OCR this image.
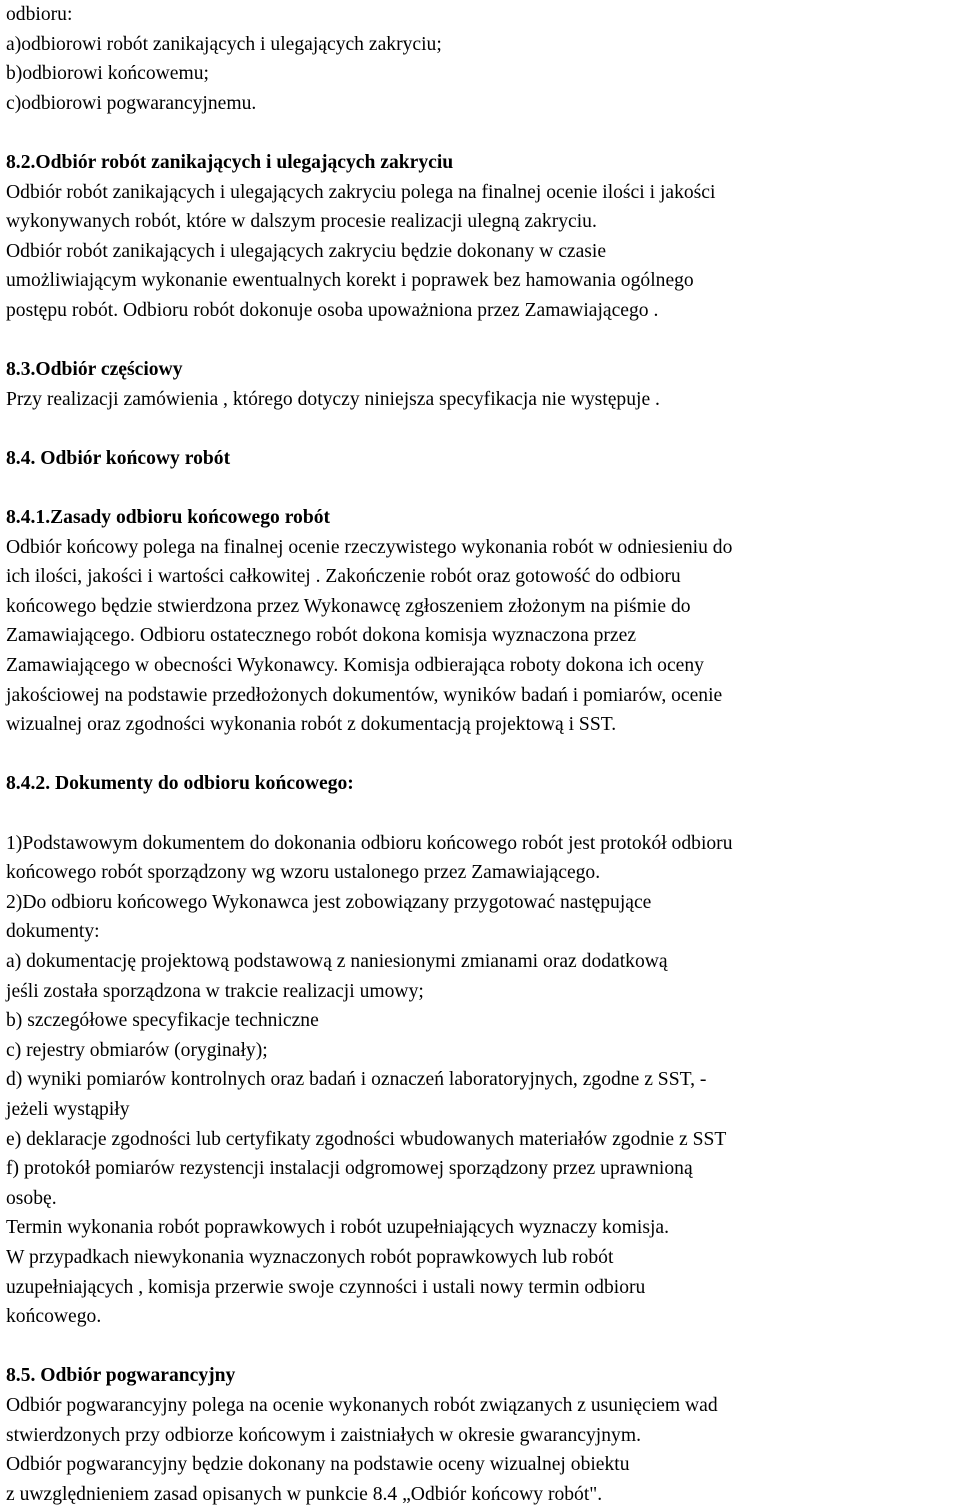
odbioru:
a)odbiorowi robót zanikających i ulegających zakryciu;
b)odbiorowi końcowemu;
c)odbiorowi pogwarancyjnemu.
8.2.Odbiór robót zanikających i ulegających zakryciu
Odbiór robót zanikających i ulegających zakryciu polega na finalnej ocenie ilości i jakości
wykonywanych robót, które w dalszym procesie realizacji ulegną zakryciu.
Odbiór robót zanikających i ulegających zakryciu będzie dokonany w czasie
umożliwiającym wykonanie ewentualnych korekt i poprawek bez hamowania ogólnego
postępu robót. Odbioru robót dokonuje osoba upoważniona przez Zamawiającego .
8.3.Odbiór częściowy
Przy realizacji zamówienia , którego dotyczy niniejsza specyfikacja nie występuje .
8.4. Odbiór końcowy robót
8.4.1.Zasady odbioru końcowego robót
Odbiór końcowy polega na finalnej ocenie rzeczywistego wykonania robót w odniesieniu do
ich ilości, jakości i wartości całkowitej . Zakończenie robót oraz gotowość do odbioru
końcowego będzie stwierdzona przez Wykonawcę zgłoszeniem złożonym na piśmie do
Zamawiającego. Odbioru ostatecznego robót dokona komisja wyznaczona przez
Zamawiającego w obecności Wykonawcy. Komisja odbierająca roboty dokona ich oceny
jakościowej na podstawie przedłożonych dokumentów, wyników badań i pomiarów, ocenie
wizualnej oraz zgodności wykonania robót z dokumentacją projektową i SST.
8.4.2. Dokumenty do odbioru końcowego:
1)Podstawowym dokumentem do dokonania odbioru końcowego robót jest protokół odbioru
końcowego robót sporządzony wg wzoru ustalonego przez Zamawiającego.
2)Do odbioru końcowego Wykonawca jest zobowiązany przygotować następujące
dokumenty:
a) dokumentację projektową podstawową z naniesionymi zmianami oraz dodatkową
jeśli została sporządzona w trakcie realizacji umowy;
b) szczegółowe specyfikacje techniczne
c) rejestry obmiarów (oryginały);
d) wyniki pomiarów kontrolnych oraz badań i oznaczeń laboratoryjnych, zgodne z SST, -
jeżeli wystąpiły
e) deklaracje zgodności lub certyfikaty zgodności wbudowanych materiałów zgodnie z SST
f) protokół pomiarów rezystencji instalacji odgromowej sporządzony przez uprawnioną
osobę.
Termin wykonania robót poprawkowych i robót uzupełniających wyznaczy komisja.
W przypadkach niewykonania wyznaczonych robót poprawkowych lub robót
uzupełniających , komisja przerwie swoje czynności i ustali nowy termin odbioru
końcowego.
8.5. Odbiór pogwarancyjny
Odbiór pogwarancyjny polega na ocenie wykonanych robót związanych z usunięciem wad
stwierdzonych przy odbiorze końcowym i zaistniałych w okresie gwarancyjnym.
Odbiór pogwarancyjny będzie dokonany na podstawie oceny wizualnej obiektu
z uwzględnieniem zasad opisanych w punkcie 8.4 „Odbiór końcowy robót".
